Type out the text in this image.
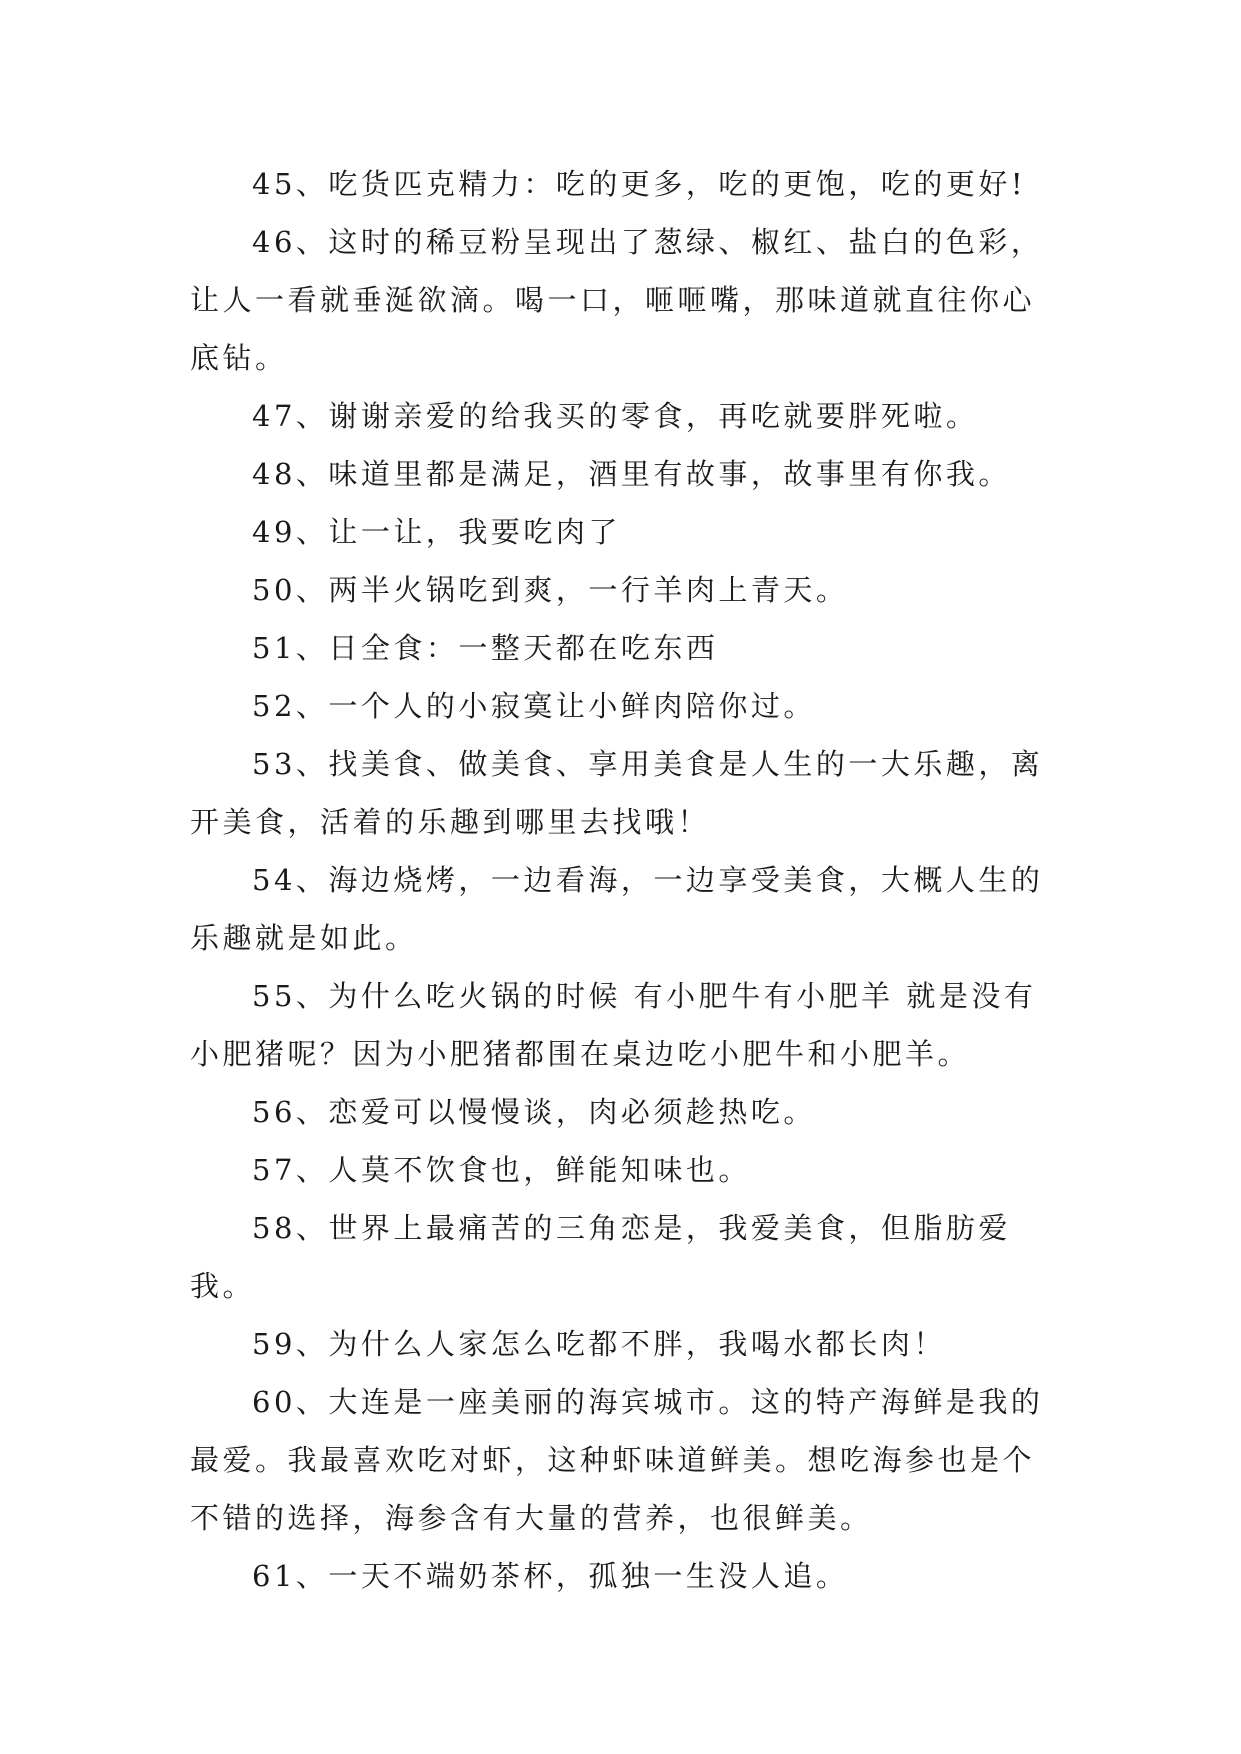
45、吃货匹克精力：吃的更多，吃的更饱，吃的更好!

46、这时的稀豆粉呈现出了葱绿、椒红、盐白的色彩，让人一看就垂涎欲滴。喝一口，咂咂嘴，那味道就直往你心底钻。

47、谢谢亲爱的给我买的零食，再吃就要胖死啦。

48、味道里都是满足，酒里有故事，故事里有你我。

49、让一让，我要吃肉了

50、两半火锅吃到爽，一行羊肉上青天。

51、日全食：一整天都在吃东西

52、一个人的小寂寞让小鲜肉陪你过。

53、找美食、做美食、享用美食是人生的一大乐趣，离开美食，活着的乐趣到哪里去找哦！

54、海边烧烤，一边看海，一边享受美食，大概人生的乐趣就是如此。

55、为什么吃火锅的时候 有小肥牛有小肥羊 就是没有小肥猪呢？因为小肥猪都围在桌边吃小肥牛和小肥羊。

56、恋爱可以慢慢谈，肉必须趁热吃。

57、人莫不饮食也，鲜能知味也。

58、世界上最痛苦的三角恋是，我爱美食，但脂肪爱我。

59、为什么人家怎么吃都不胖，我喝水都长肉！

60、大连是一座美丽的海宾城市。这的特产海鲜是我的最爱。我最喜欢吃对虾，这种虾味道鲜美。想吃海参也是个不错的选择，海参含有大量的营养，也很鲜美。

61、一天不端奶茶杯，孤独一生没人追。
